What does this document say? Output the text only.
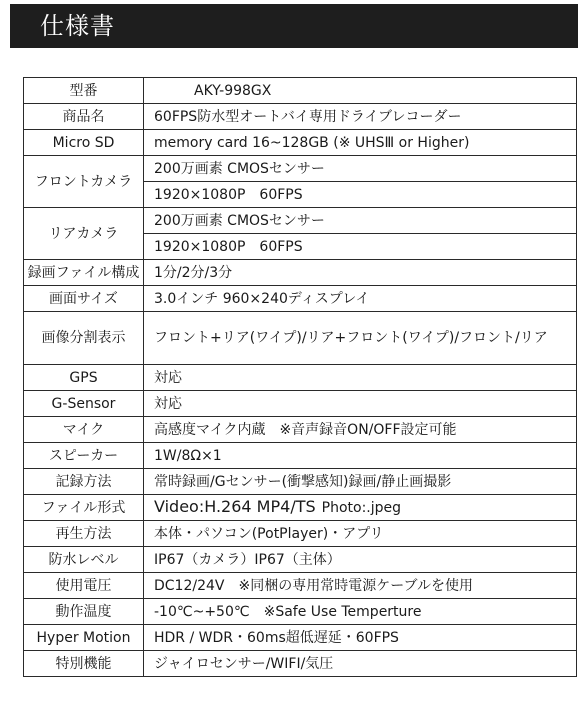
仕様書
型番	AKY-998GX
商品名	60FPS防水型オートバイ専用ドライブレコーダー
Micro SD	memory card 16~128GB (※ UHSⅢ or Higher)
フロントカメラ	200万画素 CMOSセンサー
	1920×1080P　60FPS
リアカメラ	200万画素 CMOSセンサー
	1920×1080P　60FPS
録画ファイル構成	1分/2分/3分
画面サイズ	3.0インチ 960×240ディスプレイ
画像分割表示	フロント+リア(ワイプ)/リア+フロント(ワイプ)/フロント/リア
GPS	対応
G-Sensor	対応
マイク	高感度マイク内蔵　※音声録音ON/OFF設定可能
スピーカー	1W/8Ω×1
記録方法	常時録画/Gセンサー(衝撃感知)録画/静止画撮影
ファイル形式	Video:H.264 MP4/TS Photo:.jpeg
再生方法	本体・パソコン(PotPlayer)・アプリ
防水レベル	IP67（カメラ）IP67（主体）
使用電圧	DC12/24V　※同梱の専用常時電源ケーブルを使用
動作温度	-10℃~+50℃　※Safe Use Temperture
Hyper Motion	HDR / WDR・60ms超低遅延・60FPS
特別機能	ジャイロセンサー/WIFI/気圧
